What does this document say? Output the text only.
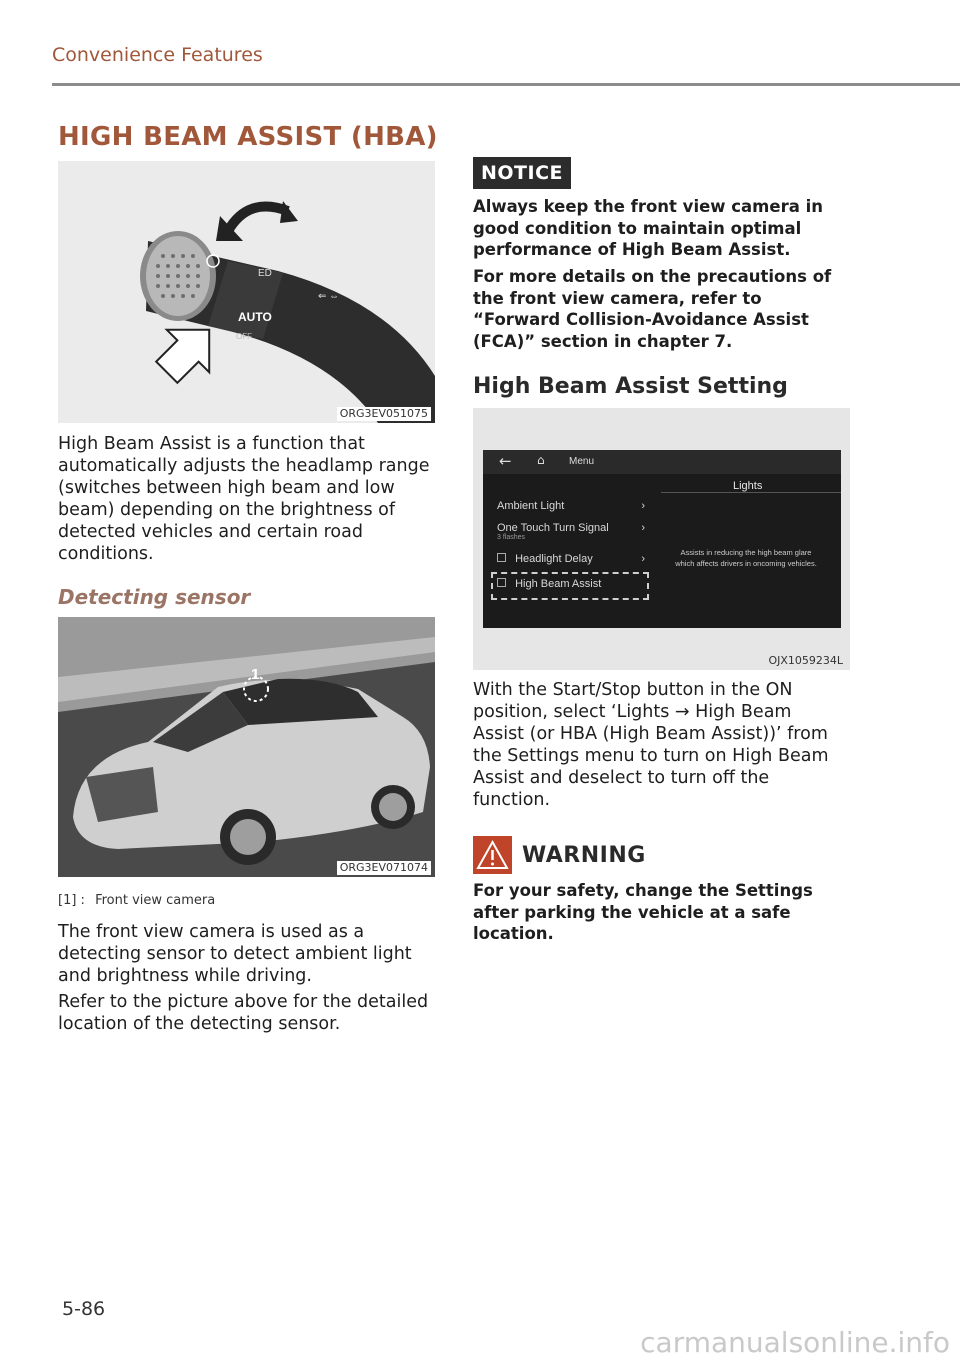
Convenience Features
HIGH BEAM ASSIST (HBA)
ED
AUTO
OFF
⇐ ⇔
ORG3EV051075
High Beam Assist is a function that automatically adjusts the headlamp range (switches between high beam and low beam) depending on the brightness of detected vehicles and certain road conditions.
Detecting sensor
1
ORG3EV071074
[1] : Front view camera
The front view camera is used as a detecting sensor to detect ambient light and brightness while driving.
Refer to the picture above for the detailed location of the detecting sensor.
NOTICE
Always keep the front view camera in good condition to maintain optimal performance of High Beam Assist.
For more details on the precautions of the front view camera, refer to “Forward Collision-Avoidance Assist (FCA)” section in chapter 7.
High Beam Assist Setting
← ⌂ Menu
Lights
Ambient Light	›
One Touch Turn Signal	›
3 flashes
Headlight Delay	›
High Beam Assist
Assists in reducing the high beam glare which affects drivers in oncoming vehicles.
OJX1059234L
With the Start/Stop button in the ON position, select ‘Lights → High Beam Assist (or HBA (High Beam Assist))’ from the Settings menu to turn on High Beam Assist and deselect to turn off the function.
WARNING
For your safety, change the Settings after parking the vehicle at a safe location.
5-86
carmanualsonline.info
